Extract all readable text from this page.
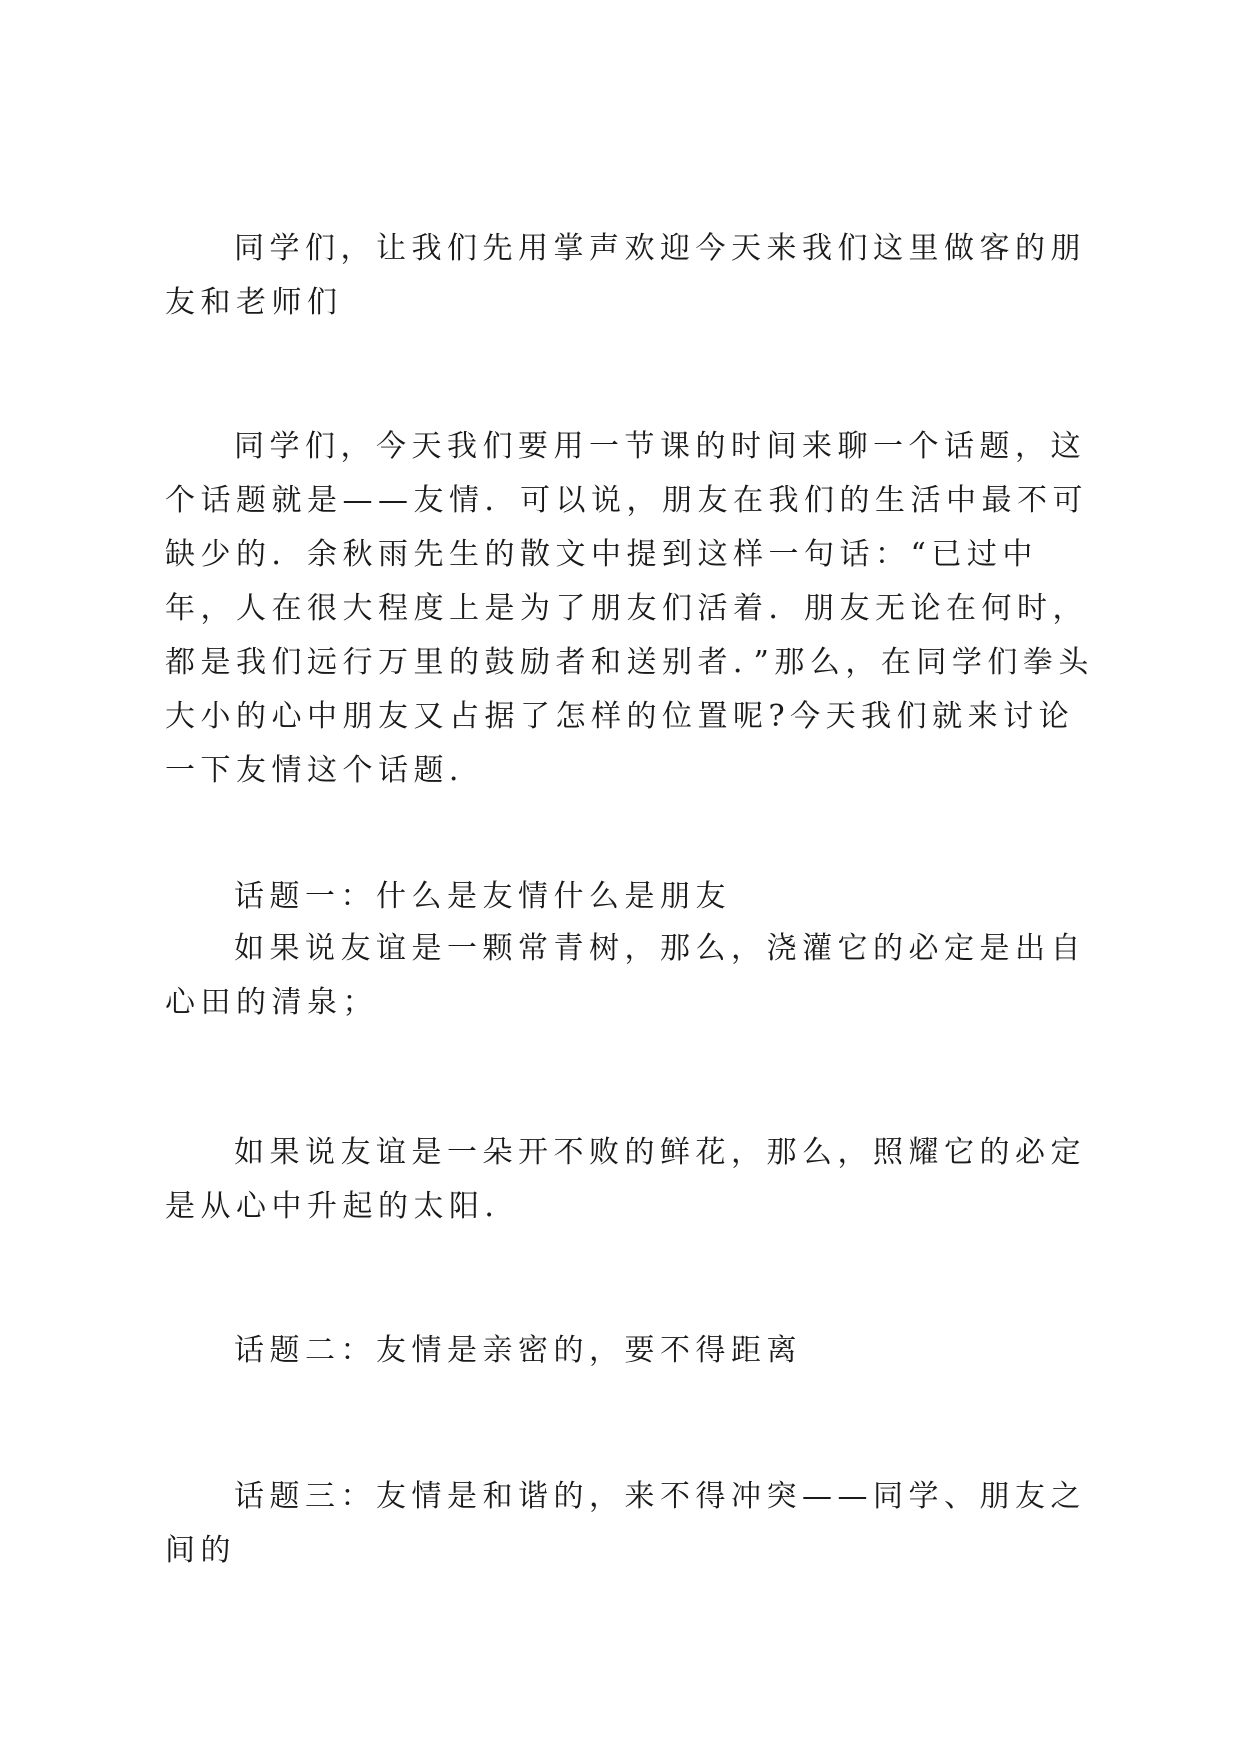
同学们，让我们先用掌声欢迎今天来我们这里做客的朋友和老师们

同学们，今天我们要用一节课的时间来聊一个话题，这个话题就是——友情．可以说，朋友在我们的生活中最不可缺少的．余秋雨先生的散文中提到这样一句话：“已过中年，人在很大程度上是为了朋友们活着．朋友无论在何时，都是我们远行万里的鼓励者和送别者．”那么，在同学们拳头大小的心中朋友又占据了怎样的位置呢?今天我们就来讨论一下友情这个话题．

话题一：什么是友情什么是朋友

如果说友谊是一颗常青树，那么，浇灌它的必定是出自心田的清泉；

如果说友谊是一朵开不败的鲜花，那么，照耀它的必定是从心中升起的太阳．

话题二：友情是亲密的，要不得距离

话题三：友情是和谐的，来不得冲突——同学、朋友之间的
